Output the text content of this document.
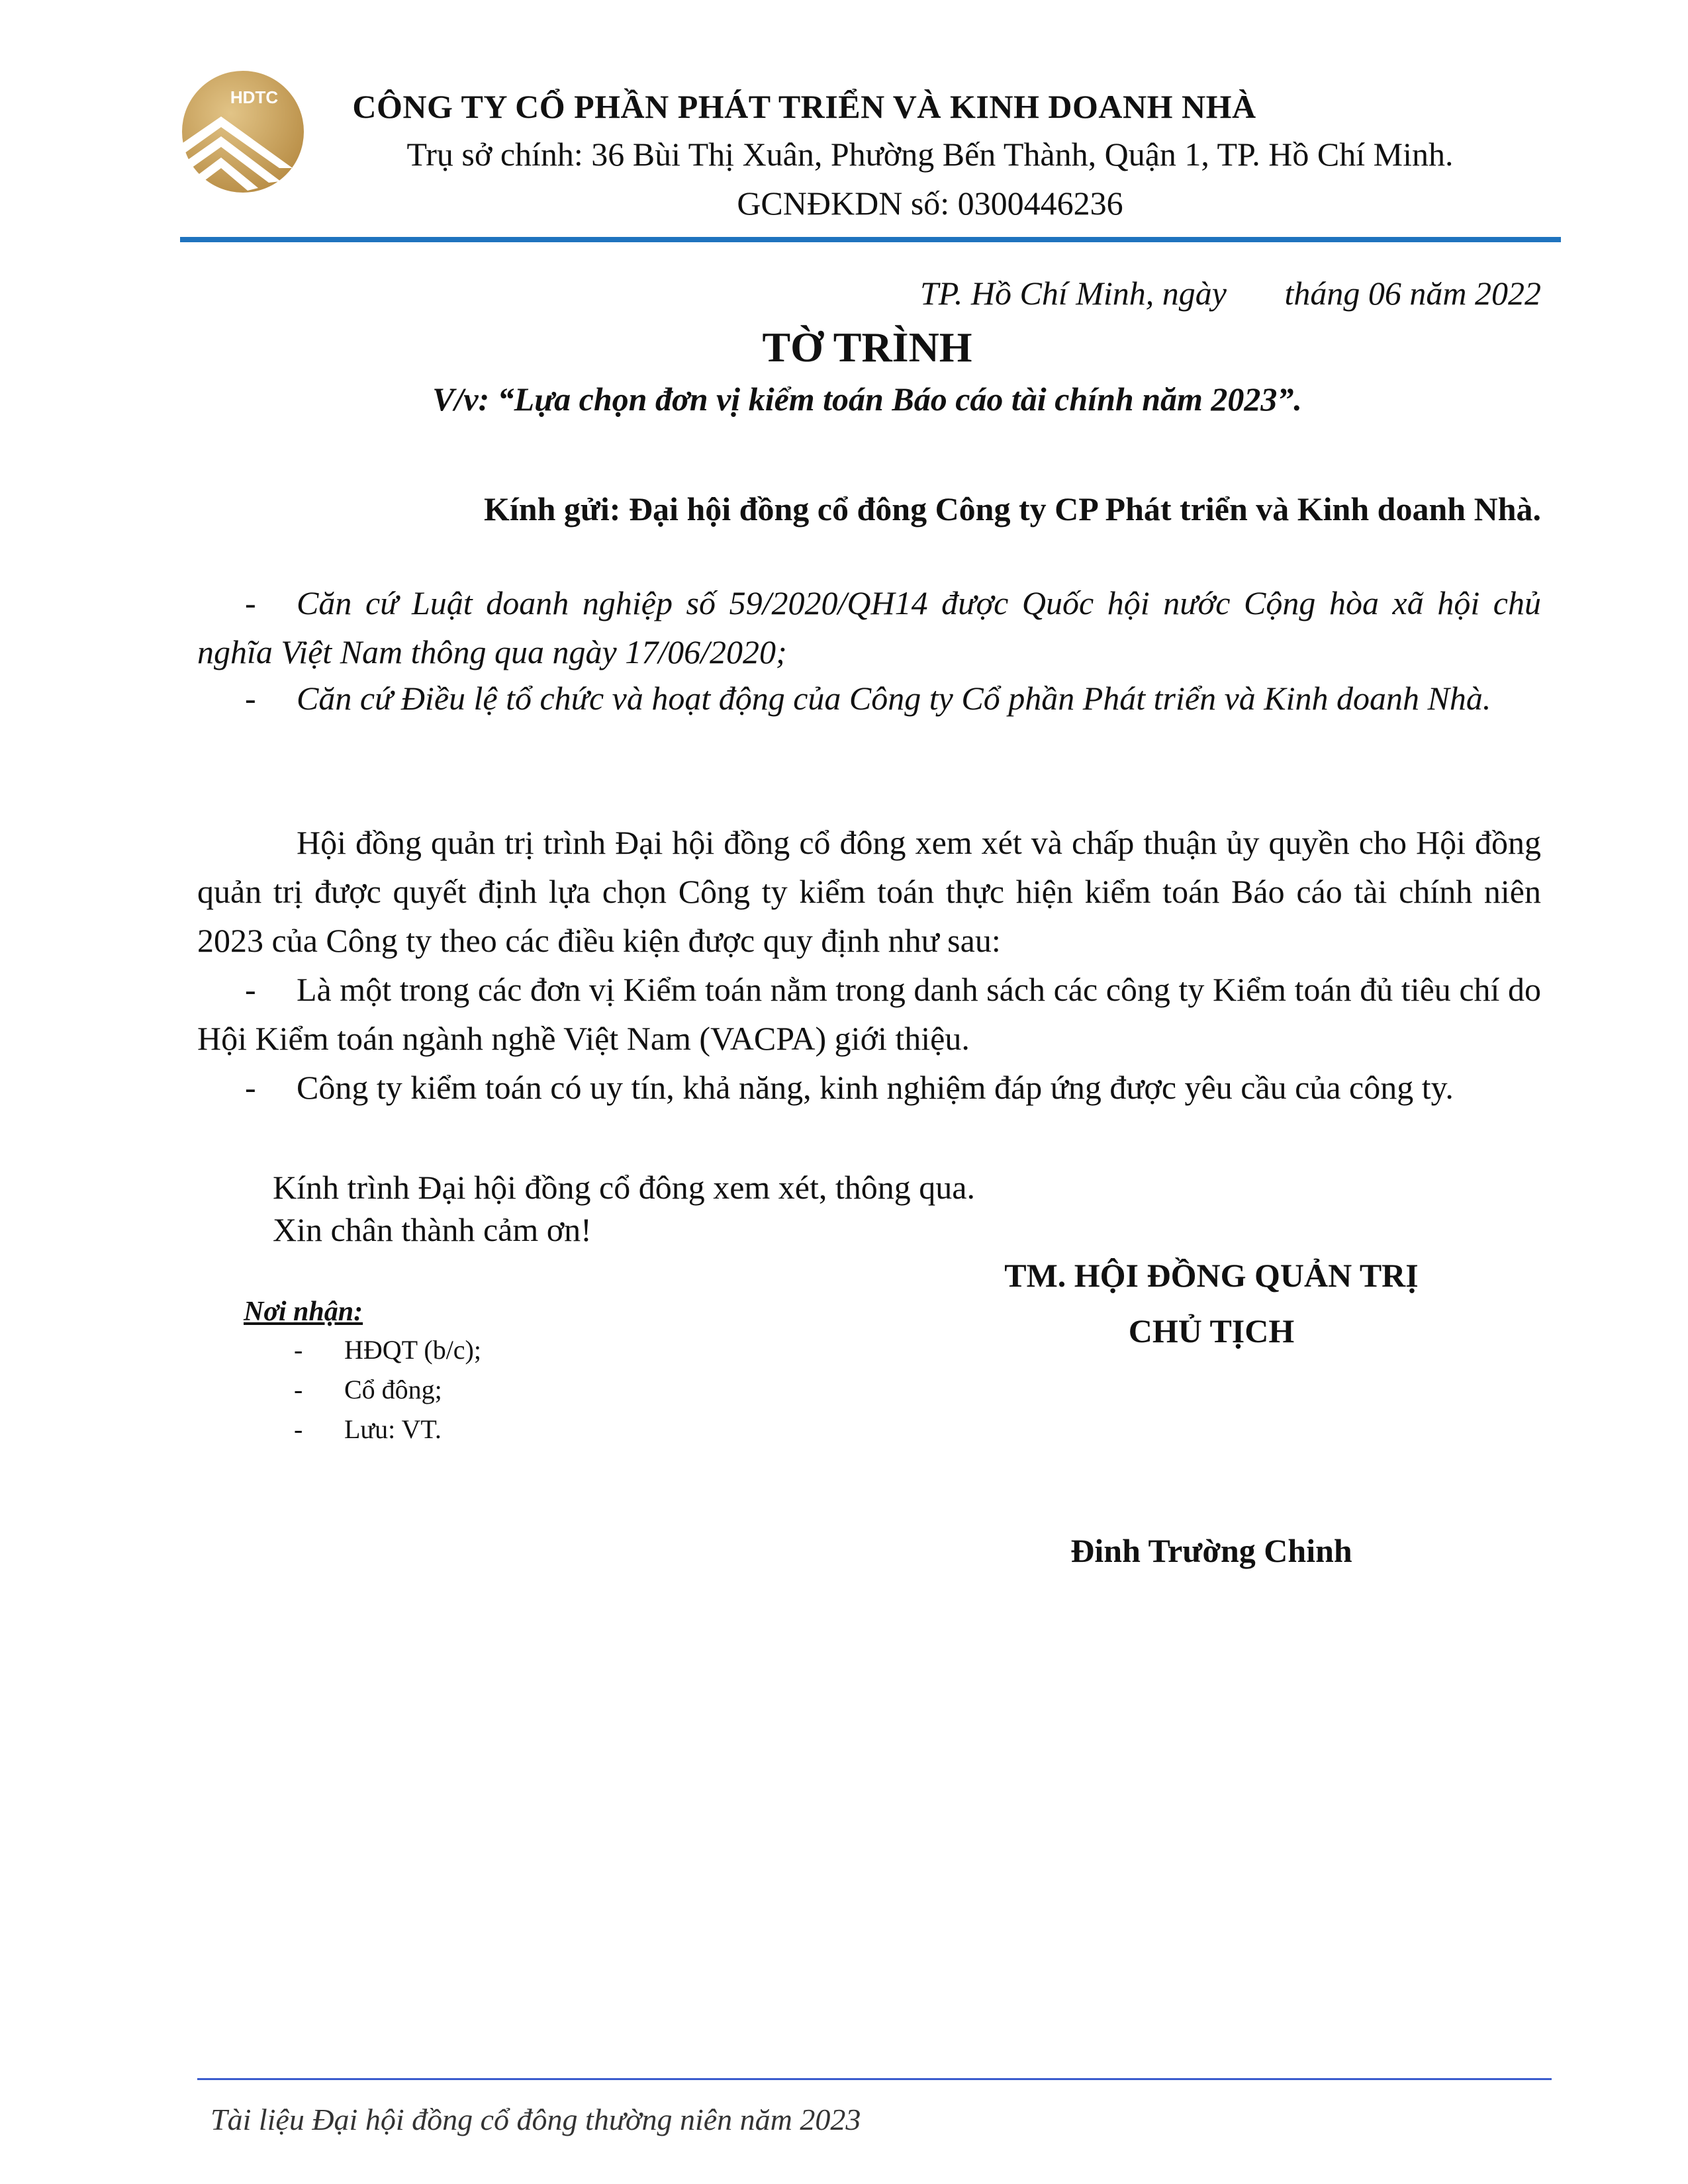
HDTC	CÔNG TY CỔ PHẦN PHÁT TRIỂN VÀ KINH DOANH NHÀ
Trụ sở chính: 36 Bùi Thị Xuân, Phường Bến Thành, Quận 1, TP. Hồ Chí Minh.
GCNĐKDN số: 0300446236
TP. Hồ Chí Minh, ngày       tháng 06 năm 2022
TỜ TRÌNH
V/v: “Lựa chọn đơn vị kiểm toán Báo cáo tài chính năm 2023”.
Kính gửi: Đại hội đồng cổ đông Công ty CP Phát triển và Kinh doanh Nhà.
- Căn cứ Luật doanh nghiệp số 59/2020/QH14 được Quốc hội nước Cộng hòa xã hội chủ nghĩa Việt Nam thông qua ngày 17/06/2020;
- Căn cứ Điều lệ tổ chức và hoạt động của Công ty Cổ phần Phát triển và Kinh doanh Nhà.
Hội đồng quản trị trình Đại hội đồng cổ đông xem xét và chấp thuận ủy quyền cho Hội đồng quản trị được quyết định lựa chọn Công ty kiểm toán thực hiện kiểm toán Báo cáo tài chính niên 2023 của Công ty theo các điều kiện được quy định như sau:
- Là một trong các đơn vị Kiểm toán nằm trong danh sách các công ty Kiểm toán đủ tiêu chí do Hội Kiểm toán ngành nghề Việt Nam (VACPA) giới thiệu.
- Công ty kiểm toán có uy tín, khả năng, kinh nghiệm đáp ứng được yêu cầu của công ty.
Kính trình Đại hội đồng cổ đông xem xét, thông qua.
Xin chân thành cảm ơn!
TM. HỘI ĐỒNG QUẢN TRỊ
CHỦ TỊCH
Đinh Trường Chinh
Nơi nhận:
- HĐQT (b/c);
- Cổ đông;
- Lưu: VT.
Tài liệu Đại hội đồng cổ đông thường niên năm 2023
